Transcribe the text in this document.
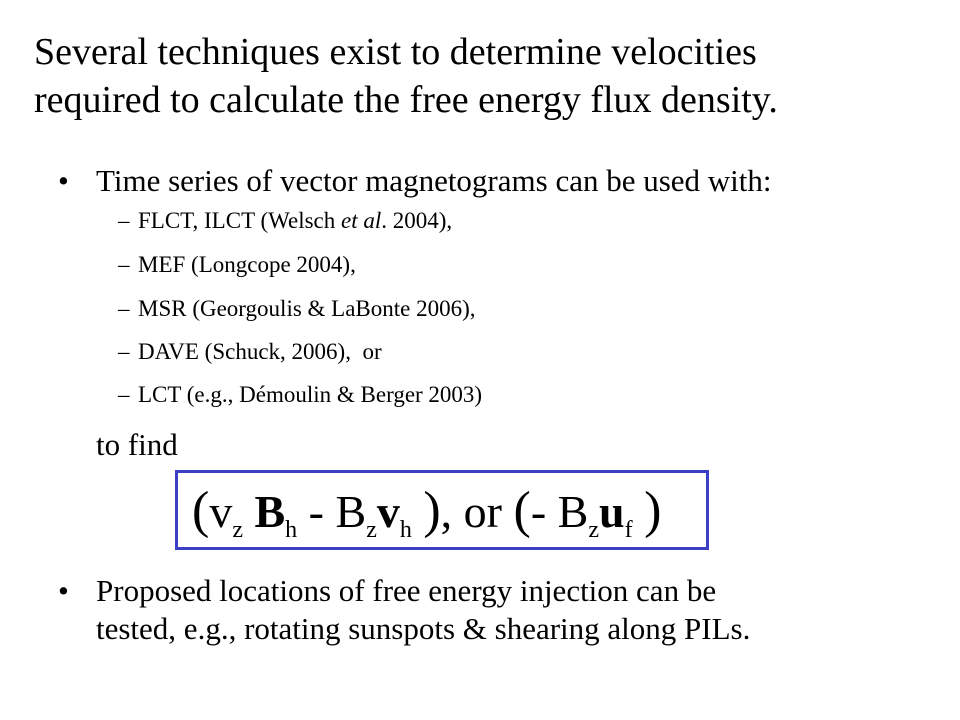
Several techniques exist to determine velocities
required to calculate the free energy flux density.
• Time series of vector magnetograms can be used with:
– FLCT, ILCT (Welsch et al. 2004),
– MEF (Longcope 2004),
– MSR (Georgoulis & LaBonte 2006),
– DAVE (Schuck, 2006),  or
– LCT (e.g., Démoulin & Berger 2003)
to find
($v_z$ $B_h - B_zv_h$ ), or (- $B_zu_f$ )
• Proposed locations of free energy injection can be
tested, e.g., rotating sunspots & shearing along PILs.
